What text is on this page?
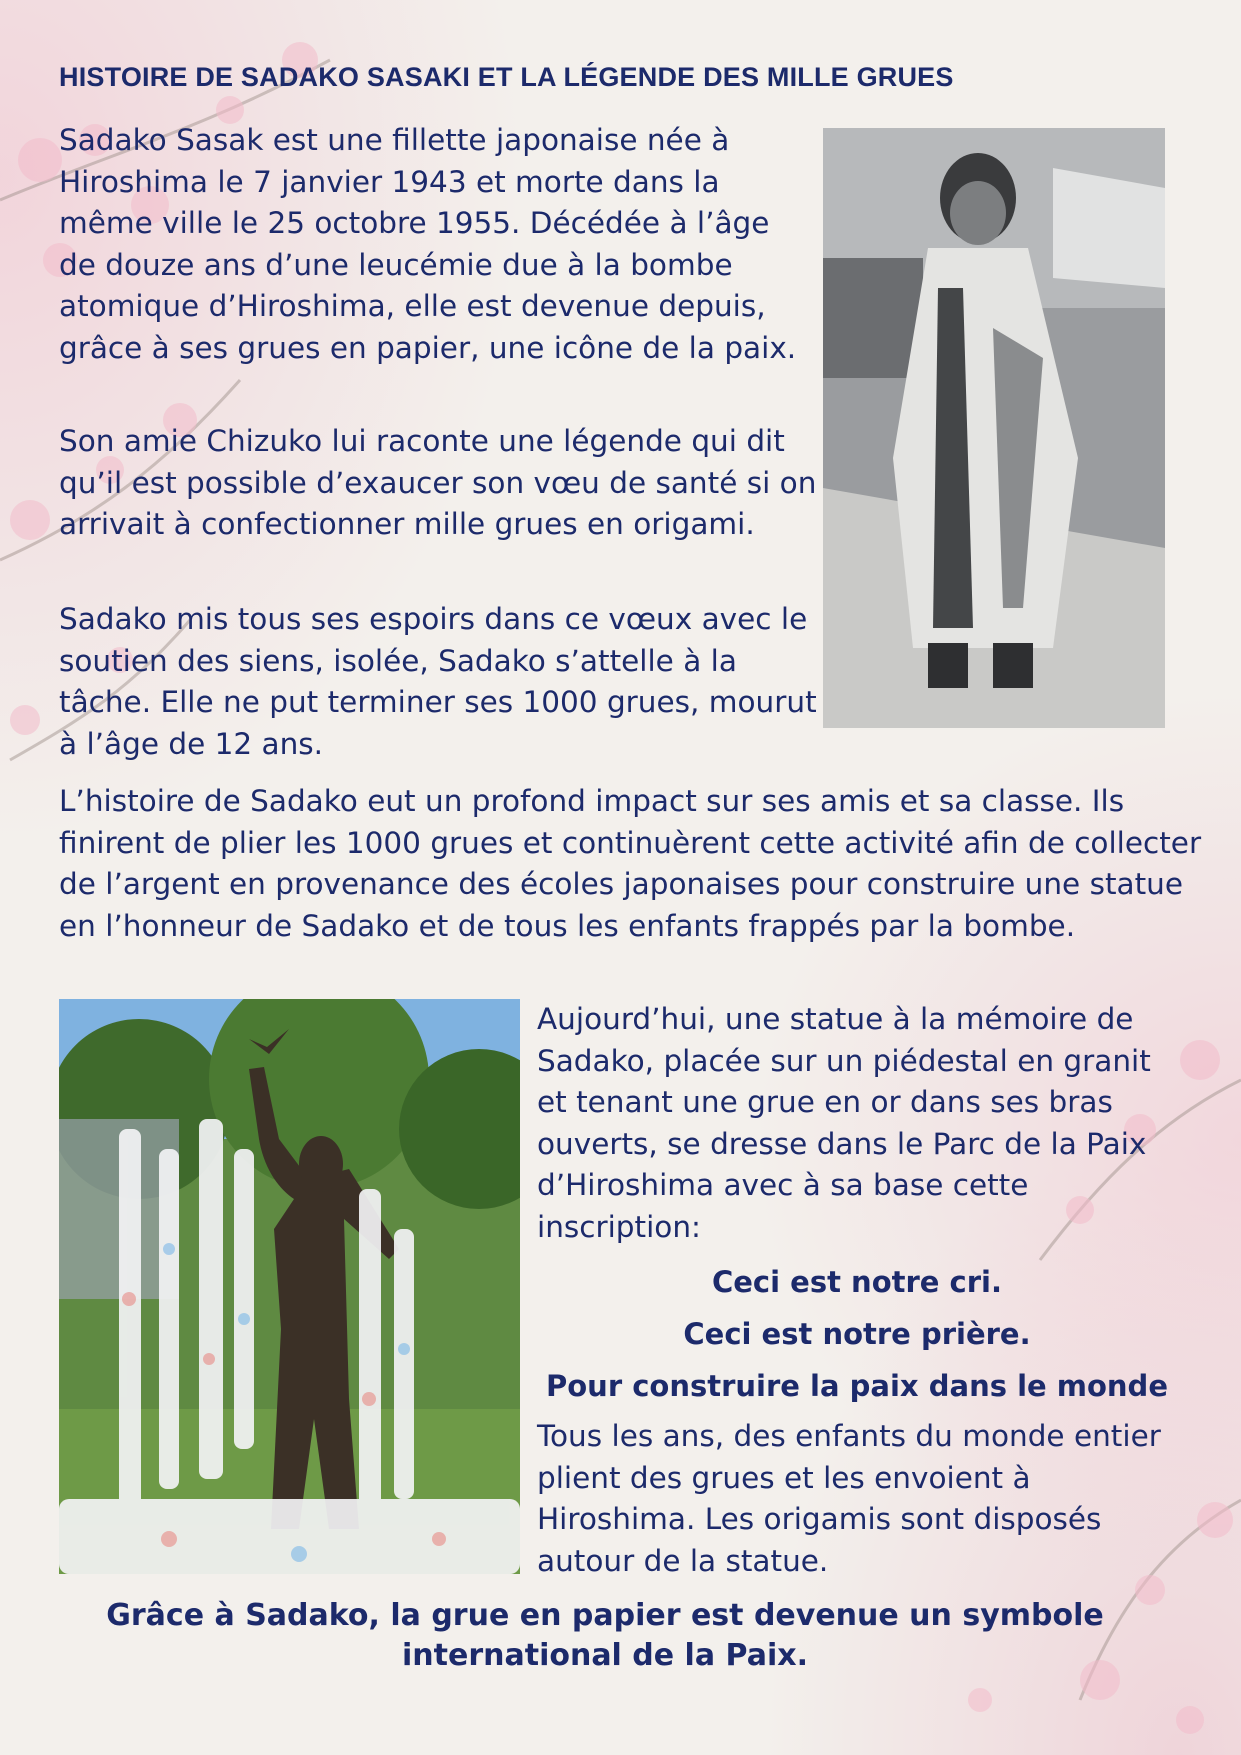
HISTOIRE DE SADAKO SASAKI ET LA LÉGENDE DES MILLE GRUES

Sadako Sasak est une fillette japonaise née à Hiroshima le 7 janvier 1943 et morte dans la même ville le 25 octobre 1955. Décédée à l’âge de douze ans d’une leucémie due à la bombe atomique d’Hiroshima, elle est devenue depuis, grâce à ses grues en papier, une icône de la paix.

Son amie Chizuko lui raconte une légende qui dit qu’il est possible d’exaucer son vœu de santé si on arrivait à confectionner mille grues en origami.

Sadako mis tous ses espoirs dans ce vœux avec le soutien des siens, isolée, Sadako s’attelle à la tâche. Elle ne put terminer ses 1000 grues, mourut à l’âge de 12 ans.

L’histoire de Sadako eut un profond impact sur ses amis et sa classe. Ils finirent de plier les 1000 grues et continuèrent cette activité afin de collecter de l’argent en provenance des écoles japonaises pour construire une statue en l’honneur de Sadako et de tous les enfants frappés par la bombe.

Aujourd’hui, une statue à la mémoire de Sadako, placée sur un piédestal en granit et tenant une grue en or dans ses bras ouverts, se dresse dans le Parc de la Paix d’Hiroshima avec à sa base cette inscription:

Ceci est notre cri.
Ceci est notre prière.
Pour construire la paix dans le monde

Tous les ans, des enfants du monde entier plient des grues et les envoient à Hiroshima. Les origamis sont disposés autour de la statue.

Grâce à Sadako, la grue en papier est devenue un symbole international de la Paix.
